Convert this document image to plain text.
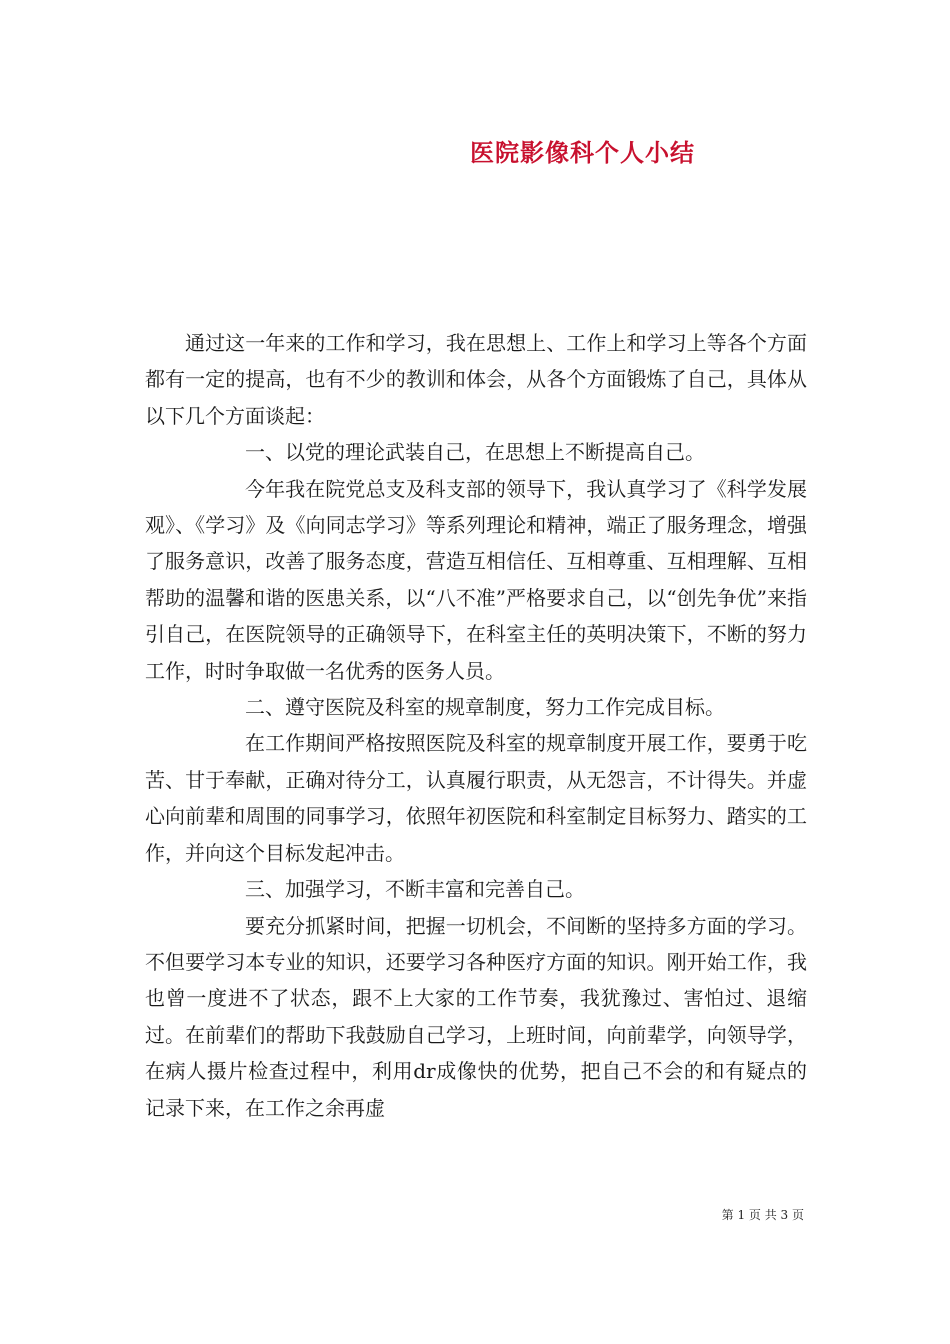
医院影像科个人小结

通过这一年来的工作和学习，我在思想上、工作上和学习上等各个方面都有一定的提高，也有不少的教训和体会，从各个方面锻炼了自己，具体从以下几个方面谈起：

一、以党的理论武装自己，在思想上不断提高自己。

今年我在院党总支及科支部的领导下，我认真学习了《科学发展观》、《学习》及《向同志学习》等系列理论和精神，端正了服务理念，增强了服务意识，改善了服务态度，营造互相信任、互相尊重、互相理解、互相帮助的温馨和谐的医患关系，以“八不准”严格要求自己，以“创先争优”来指引自己，在医院领导的正确领导下，在科室主任的英明决策下，不断的努力工作，时时争取做一名优秀的医务人员。

二、遵守医院及科室的规章制度，努力工作完成目标。

在工作期间严格按照医院及科室的规章制度开展工作，要勇于吃苦、甘于奉献，正确对待分工，认真履行职责，从无怨言，不计得失。并虚心向前辈和周围的同事学习，依照年初医院和科室制定目标努力、踏实的工作，并向这个目标发起冲击。

三、加强学习，不断丰富和完善自己。

要充分抓紧时间，把握一切机会，不间断的坚持多方面的学习。不但要学习本专业的知识，还要学习各种医疗方面的知识。刚开始工作，我也曾一度进不了状态，跟不上大家的工作节奏，我犹豫过、害怕过、退缩过。在前辈们的帮助下我鼓励自己学习，上班时间，向前辈学，向领导学，在病人摄片检查过程中，利用dr成像快的优势，把自己不会的和有疑点的记录下来，在工作之余再虚

第 1 页 共 3 页
